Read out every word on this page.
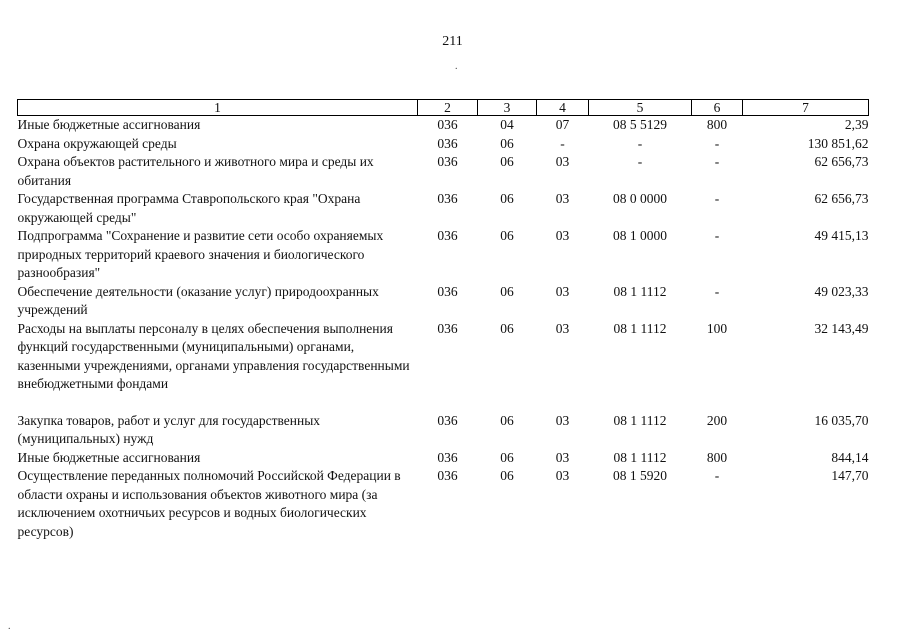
211
.
.
1	2	3	4	5	6	7
Иные бюджетные ассигнования	036	04	07	08 5 5129	800	2,39
Охрана окружающей среды	036	06	-	-	-	130 851,62
Охрана объектов растительного и животного мира и среды их обитания	036	06	03	-	-	62 656,73
Государственная программа Ставропольского края "Охрана окружающей среды"	036	06	03	08 0 0000	-	62 656,73
Подпрограмма "Сохранение и развитие сети особо охраняемых природных территорий краевого значения и биологического разнообразия"	036	06	03	08 1 0000	-	49 415,13
Обеспечение деятельности (оказание услуг) природоохранных учреждений	036	06	03	08 1 1112	-	49 023,33
Расходы на выплаты персоналу в целях обеспечения выполнения функций государственными (муниципальными) органами, казенными учреждениями, органами управления государственными внебюджетными фондами	036	06	03	08 1 1112	100	32 143,49
Закупка товаров, работ и услуг для государственных (муниципальных) нужд	036	06	03	08 1 1112	200	16 035,70
Иные бюджетные ассигнования	036	06	03	08 1 1112	800	844,14
Осуществление переданных полномочий Российской Федерации в области охраны и использования объектов животного мира (за исключением охотничьих ресурсов и водных биологических ресурсов)	036	06	03	08 1 5920	-	147,70
